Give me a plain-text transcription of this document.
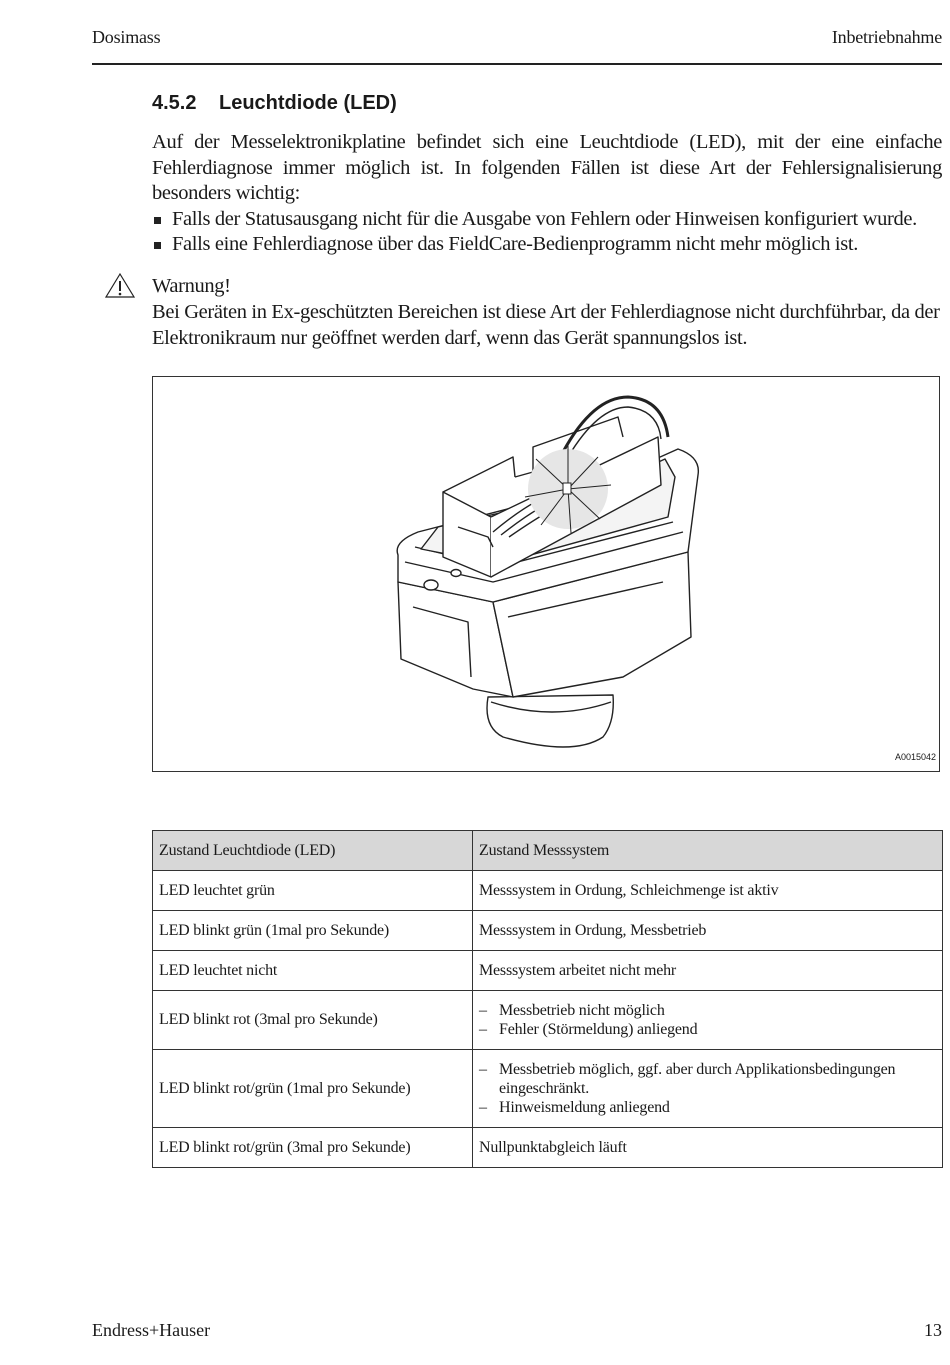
Dosimass	Inbetriebnahme
4.5.2 Leuchtdiode (LED)

Auf der Messelektronikplatine befindet sich eine Leuchtdiode (LED), mit der eine einfache Fehlerdiagnose immer möglich ist. In folgenden Fällen ist diese Art der Fehlersignalisierung besonders wichtig:

Falls der Statusausgang nicht für die Ausgabe von Fehlern oder Hinweisen konfiguriert wurde.
Falls eine Fehlerdiagnose über das FieldCare-Bedienprogramm nicht mehr möglich ist.
Warnung!
Bei Geräten in Ex-geschützten Bereichen ist diese Art der Fehlerdiagnose nicht durchführbar, da der Elektronikraum nur geöffnet werden darf, wenn das Gerät spannungslos ist.
A0015042
Zustand Leuchtdiode (LED)	Zustand Messsystem
LED leuchtet grün	Messsystem in Ordung, Schleichmenge ist aktiv
LED blinkt grün (1mal pro Sekunde)	Messsystem in Ordung, Messbetrieb
LED leuchtet nicht	Messsystem arbeitet nicht mehr
LED blinkt rot (3mal pro Sekunde)	– Messbetrieb nicht möglich
– Fehler (Störmeldung) anliegend

LED blinkt rot/grün (1mal pro Sekunde)	– Messbetrieb möglich, ggf. aber durch Applikationsbedingungen eingeschränkt.
– Hinweismeldung anliegend

LED blinkt rot/grün (3mal pro Sekunde)	Nullpunktabgleich läuft
Endress+Hauser	13
